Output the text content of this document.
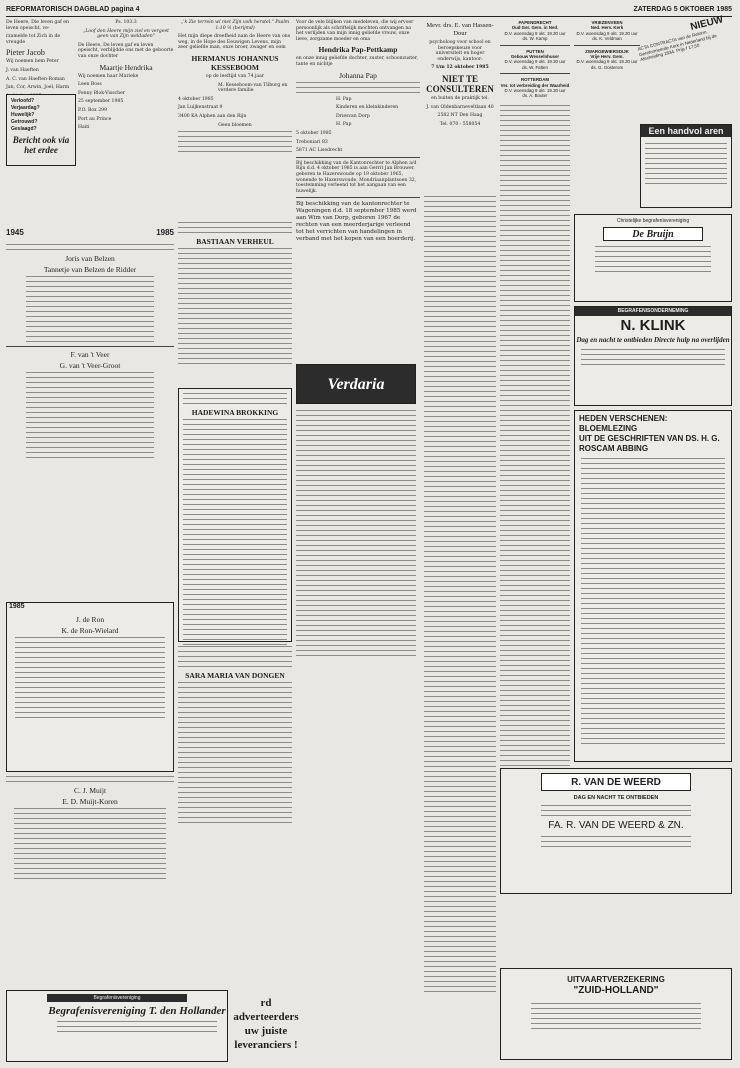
REFORMATORISCH DAGBLAD pagina 4	ZATERDAG 5 OKTOBER 1985

De Heere, Die leven gaf en leven opeischt, ve-

rzamelde tot Zich in de vreugde

Pieter Jacob

Wij noemen hem Peter

J. van Haeften

A. C. van Haeften-Roman

Jan, Cor, Arwin, Joel, Harm

Verloofd?
Verjaardag?
Huwelijk?
Getrouwd?
Geslaagd?
Bericht ook via het erdee

Ps. 103:3

„Loof den Heere mijn ziel en vergeet geen van Zijn weldaden"

De Heere, De leven gaf en leven opeischt, verblijdde ons met de geboorte van onze dochter

Maartje Hendrika

Wij noemen haar Marieke

Leen Boss

Fenny Blok-Visscher

25 september 1985

P.O. Box 299

Port au Prince

Haiti

„'k Zie terrein wl met Zijn volk herstel." Psalm 1:10 ½ (berijmd)

Het mijn diepe dreefheid nam de Heere van ons weg, in de Hope des Eeuwigen Levens, mijn zeer geliefde man, onze broer, zwager en oom

HERMANUS JOHANNUS KESSEBOOM

op de leeftijd van 74 jaar

M. Kesseboom-van Tilburg en verdere familie

4 oktober 1985

Jan Luijkenstraat 9

3400 KA Alphen aan den Rijn

Geen bloemen

Voor de vele blijken van medeleven, die wij ervoer persoonlijk als schriftelijk mochten ontvangen na het verlijden van mijn innig geliefde vrouw, onze lieve, zorgzame moeder en oma

Hendrika Pap-Pettkamp

en onze innig geliefde dochter, zuster, schoonzuster, tante en nichtje

Johanna Pap

H. Pap

Kinderen en kleinkinderen

Driesvan Dorp

H. Pap

5 oktober 1985

Treboniari 83

5871 AC Lisedrecht

Bij beschikking van de Kantonrechter te Alphen a/d Rijn d.d. 4 oktober 1985 is aan Gerrit Jan Brouwer, geboren te Hazerswoude op 19 oktober 1965, wonende te Hazerswoude, Mondriaanplantsoen 32, toestemming verleend tot het aangaan van een huwelijk.

Bij beschikking van de kantonrechter te Wageningen d.d. 18 september 1985 werd aan Wim van Dorp, geboren 1967 de rechten van een meerderjarige verleend tot het verrichten van handelingen in verband met het kopen van een boerderij.

Mevr. drs. E. van Hassen-Dour

psycholoog voor school en beroepskeuze voor universiteit en hoger onderwijs, kantoor:

7 t/m 12 oktober 1985

NIET TE CONSULTEREN

en buiten de praktijk tel.

J. van Oldenbarneveltlaan 40

2582 NT Den Haag

Tel. 070 - 558054

PAPENDRECHT
Oud Ger. Gem. in Ned.
D.V. woensdag 9 okt. 19.30 uur
ds. W. Kamp
PUTTEN
Gebouw Wesselnhuser
D.V. woensdag 9 okt. 19.30 uur
ds. W. Fatten
ROTTERDAM
Ver. tot verbreiding der Waarheid
D.V. woensdag 9 okt. 19.30 uur
ds. A. Bouter
VRIEZENVEEN
Ned. Herv. Kerk
D.V. woensdag 9 okt. 19.30 uur
ds. K. Veldman
ZWARGEWIERSDIJK
Vrije Herv. Gem.
D.V. woensdag 9 okt. 19.30 uur
ds. G. Oosterom
NIEUW

ACTA CONTRACTA van de Reform. Gereformeerde Kerk in Nederland bij de Afscheiding 1834. Prijs f 17,50

Een handvol aren
1945	1985

Joris van Belzen

Tannetje van Belzen de Ridder

F. van 't Veer

G. van 't Veer-Groot

1985

J. de Ron

K. de Ron-Wielard

C. J. Muijt

E. D. Muijt-Koren

BASTIAAN VERHEUL

HADEWINA BROKKING

SARA MARIA VAN DONGEN

Verdaria
Christelijke begrafenisvereniging
De Bruijn
BEGRAFENISONDERNEMING
N. KLINK
Dag en nacht te ontbieden Directe hulp na overlijden
HEDEN VERSCHENEN: BLOEMLEZING
UIT DE GESCHRIFTEN VAN DS. H. G. ROSCAM ABBING
R. VAN DE WEERD
DAG EN NACHT TE ONTBIEDEN
FA. R. VAN DE WEERD & ZN.
UITVAARTVERZEKERING
"ZUID-HOLLAND"
Begrafenisvereniging
Begrafenisvereniging T. den Hollander
rd adverteerders uw juiste leveranciers !
